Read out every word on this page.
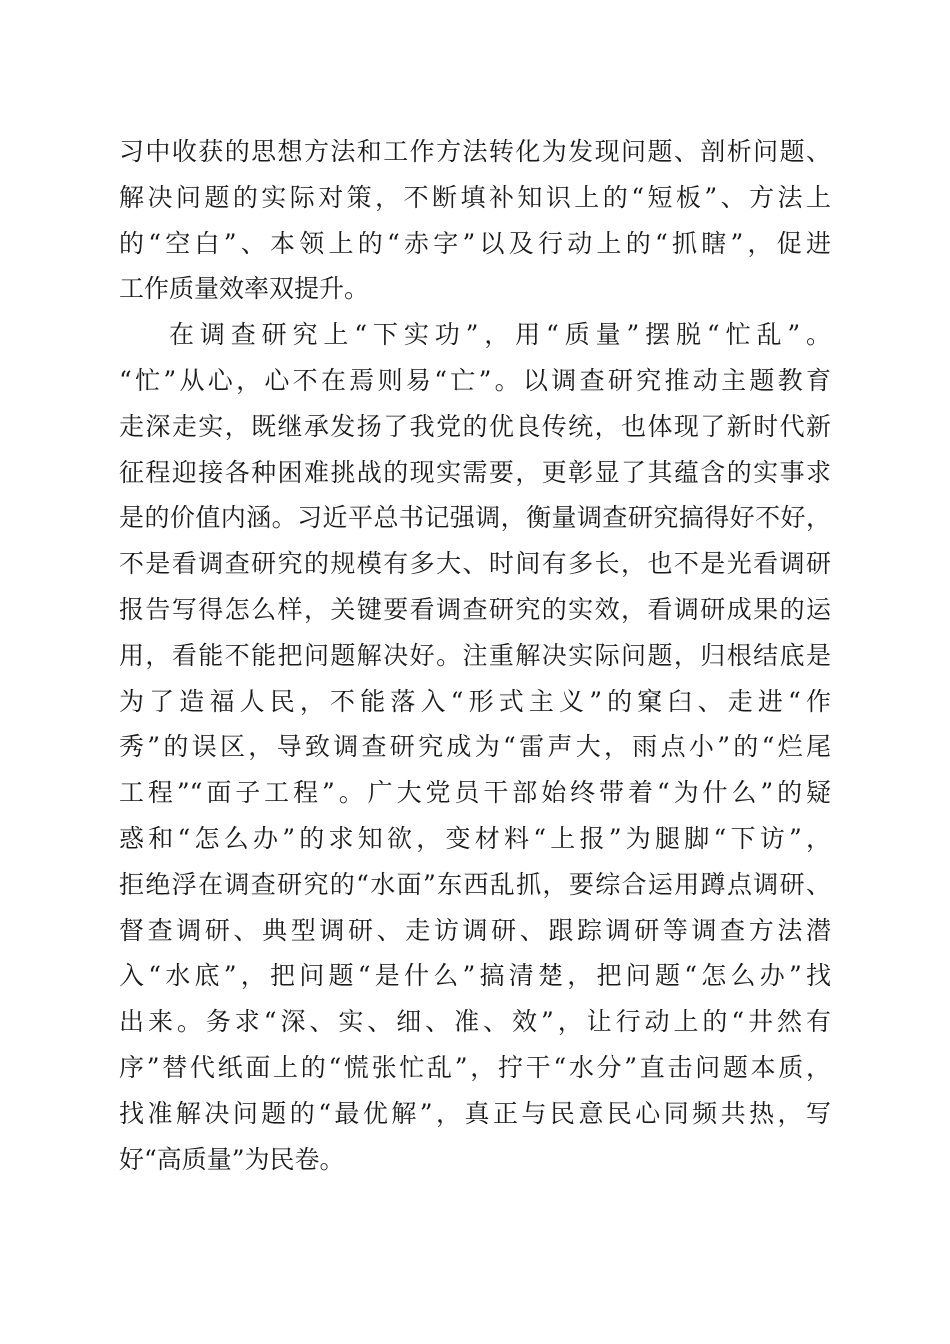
习中收获的思想方法和工作方法转化为发现问题、剖析问题、
解决问题的实际对策，不断填补知识上的“短板”、方法上
的“空白”、本领上的“赤字”以及行动上的“抓瞎”，促进
工作质量效率双提升。
在调查研究上“下实功”，用“质量”摆脱“忙乱”。
“忙”从心，心不在焉则易“亡”。以调查研究推动主题教育
走深走实，既继承发扬了我党的优良传统，也体现了新时代新
征程迎接各种困难挑战的现实需要，更彰显了其蕴含的实事求
是的价值内涵。习近平总书记强调，衡量调查研究搞得好不好，
不是看调查研究的规模有多大、时间有多长，也不是光看调研
报告写得怎么样，关键要看调查研究的实效，看调研成果的运
用，看能不能把问题解决好。注重解决实际问题，归根结底是
为了造福人民，不能落入“形式主义”的窠臼、走进“作
秀”的误区，导致调查研究成为“雷声大，雨点小”的“烂尾
工程”“面子工程”。广大党员干部始终带着“为什么”的疑
惑和“怎么办”的求知欲，变材料“上报”为腿脚“下访”，
拒绝浮在调查研究的“水面”东西乱抓，要综合运用蹲点调研、
督查调研、典型调研、走访调研、跟踪调研等调查方法潜
入“水底”，把问题“是什么”搞清楚，把问题“怎么办”找
出来。务求“深、实、细、准、效”，让行动上的“井然有
序”替代纸面上的“慌张忙乱”，拧干“水分”直击问题本质，
找准解决问题的“最优解”，真正与民意民心同频共热，写
好“高质量”为民卷。
